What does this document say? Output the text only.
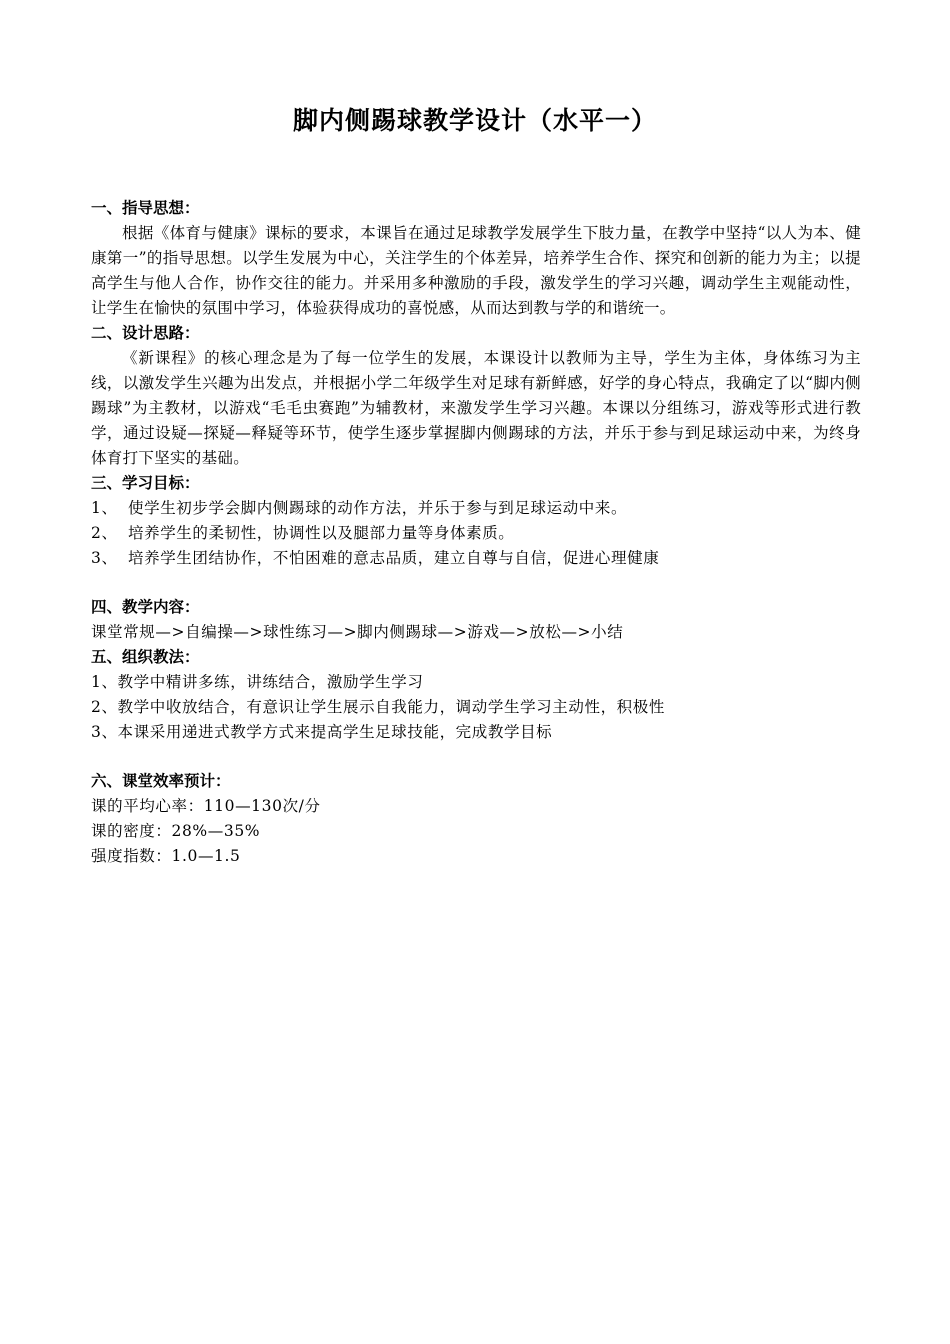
脚内侧踢球教学设计（水平一）
一、指导思想：
根据《体育与健康》课标的要求，本课旨在通过足球教学发展学生下肢力量，在教学中坚持“以人为本、健康第一”的指导思想。以学生发展为中心，关注学生的个体差异，培养学生合作、探究和创新的能力为主；以提高学生与他人合作，协作交往的能力。并采用多种激励的手段，激发学生的学习兴趣，调动学生主观能动性，让学生在愉快的氛围中学习，体验获得成功的喜悦感，从而达到教与学的和谐统一。
二、设计思路：
《新课程》的核心理念是为了每一位学生的发展，本课设计以教师为主导，学生为主体，身体练习为主线，以激发学生兴趣为出发点，并根据小学二年级学生对足球有新鲜感，好学的身心特点，我确定了以“脚内侧踢球”为主教材，以游戏“毛毛虫赛跑”为辅教材，来激发学生学习兴趣。本课以分组练习，游戏等形式进行教学，通过设疑—探疑—释疑等环节，使学生逐步掌握脚内侧踢球的方法，并乐于参与到足球运动中来，为终身体育打下坚实的基础。
三、学习目标：
1、 使学生初步学会脚内侧踢球的动作方法，并乐于参与到足球运动中来。
2、 培养学生的柔韧性，协调性以及腿部力量等身体素质。
3、 培养学生团结协作，不怕困难的意志品质，建立自尊与自信，促进心理健康
四、教学内容：
课堂常规—>自编操—>球性练习—>脚内侧踢球—>游戏—>放松—>小结
五、组织教法：
1、教学中精讲多练，讲练结合，激励学生学习
2、教学中收放结合，有意识让学生展示自我能力，调动学生学习主动性，积极性
3、本课采用递进式教学方式来提高学生足球技能，完成教学目标
六、课堂效率预计：
课的平均心率：110—130次/分
课的密度：28%—35%
强度指数：1.0—1.5
